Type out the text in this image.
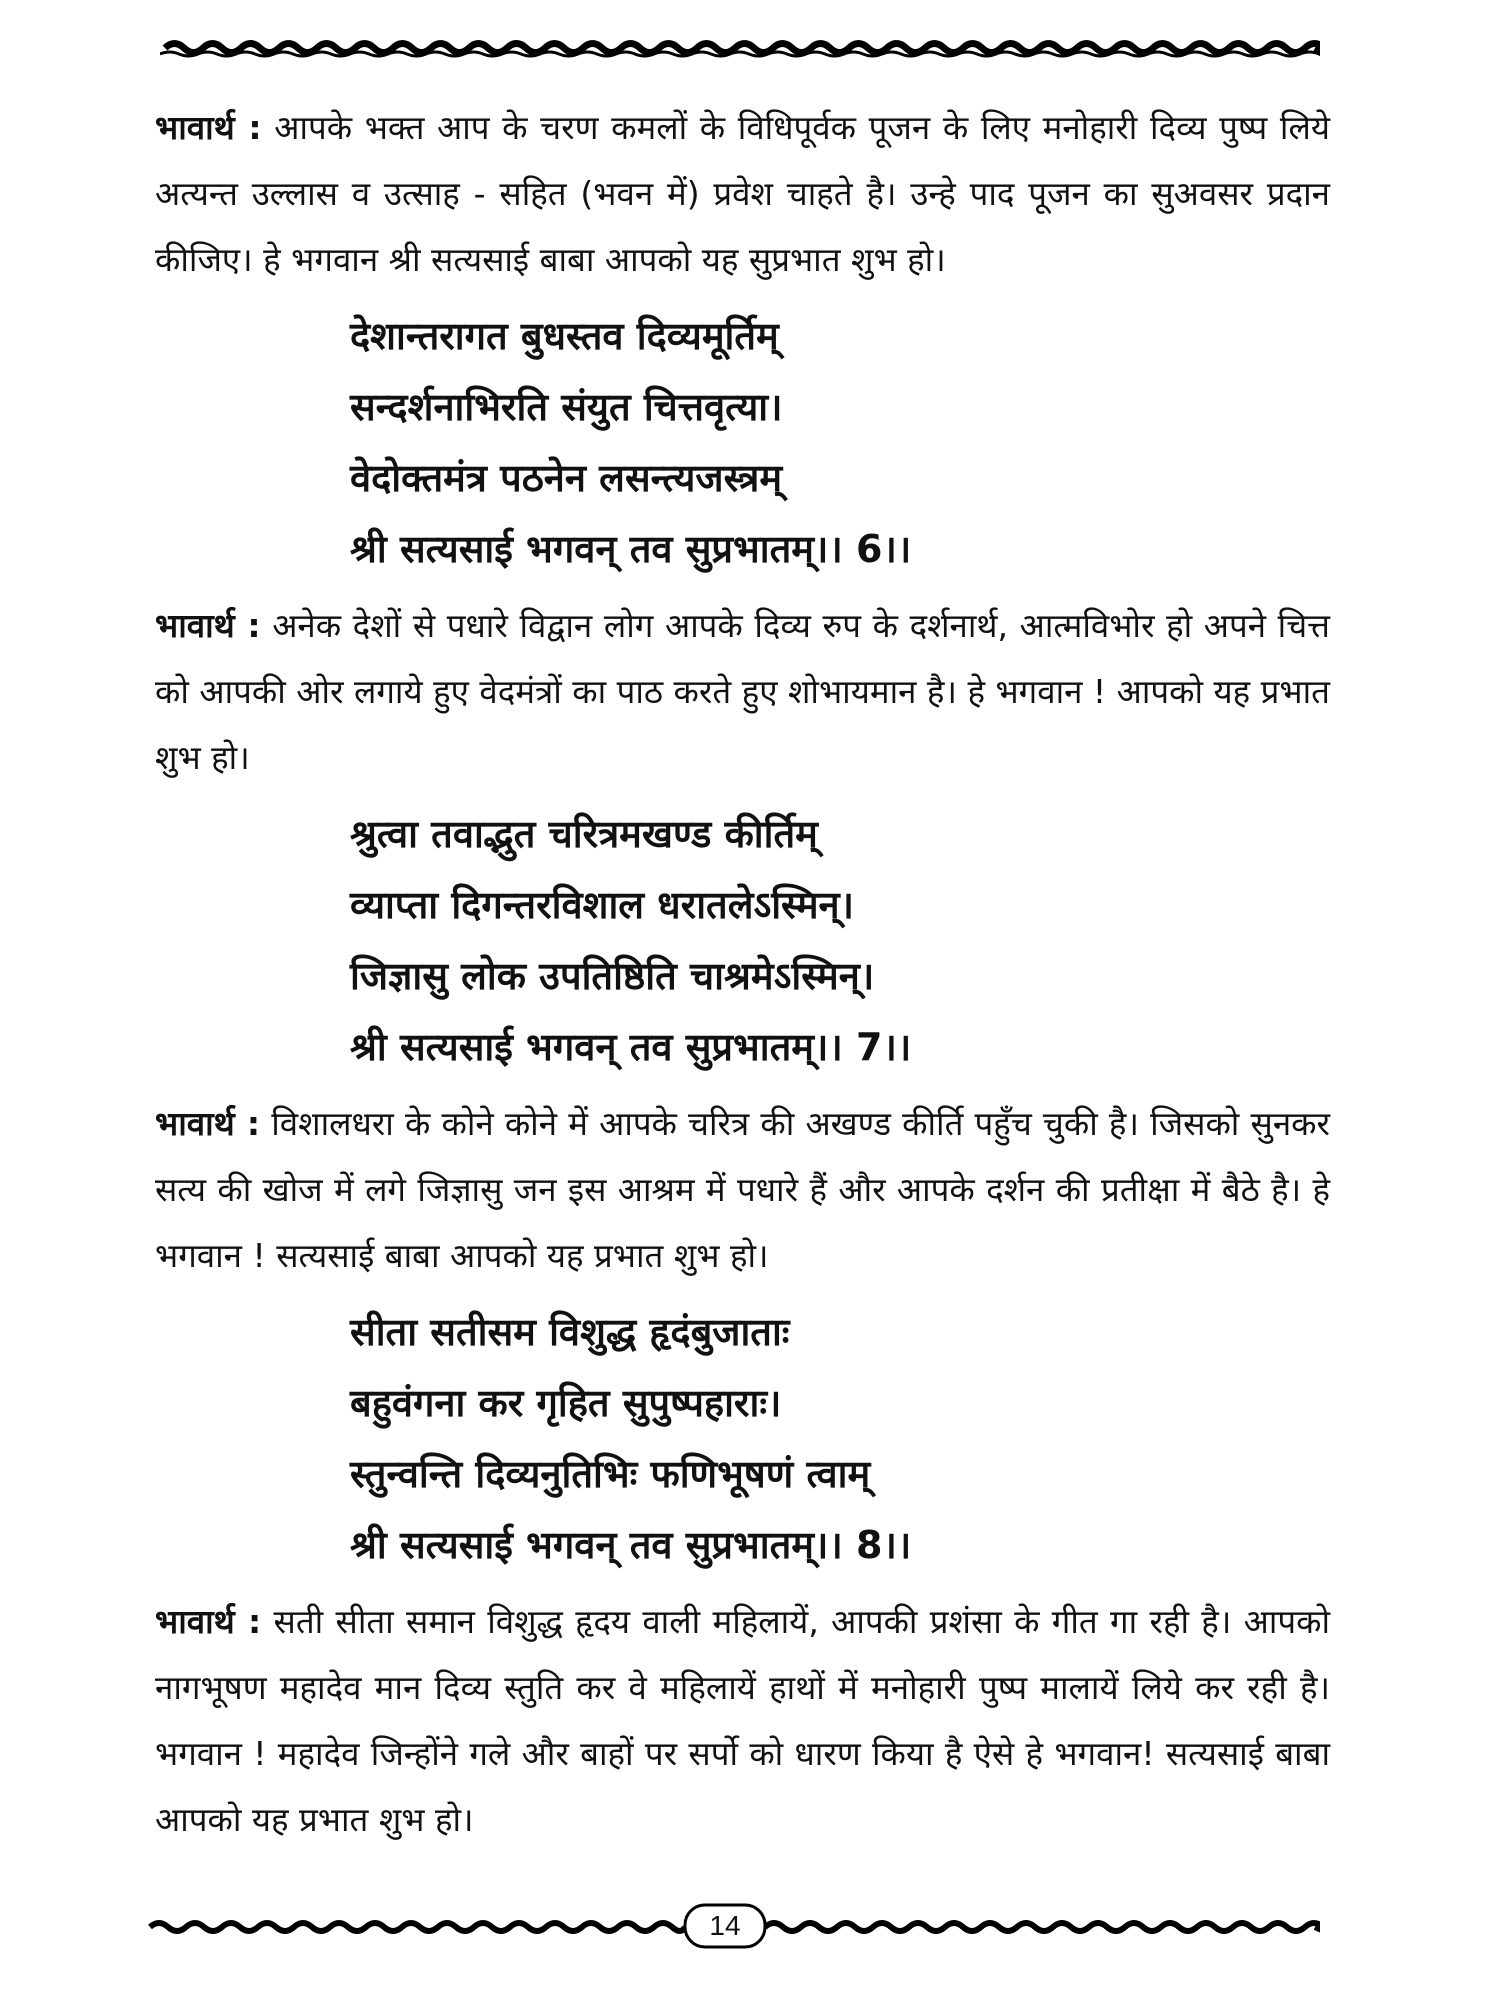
भावार्थ : आपके भक्त आप के चरण कमलों के विधिपूर्वक पूजन के लिए मनोहारी दिव्य पुष्प लिये अत्यन्त उल्लास व उत्साह - सहित (भवन में) प्रवेश चाहते है। उन्हे पाद पूजन का सुअवसर प्रदान कीजिए। हे भगवान श्री सत्यसाई बाबा आपको यह सुप्रभात शुभ हो।
देशान्तरागत बुधस्तव दिव्यमूर्तिम्
सन्दर्शनाभिरति संयुत चित्तवृत्या।
वेदोक्तमंत्र पठनेन लसन्त्यजस्त्रम्
श्री सत्यसाई भगवन् तव सुप्रभातम्।। 6।।
भावार्थ : अनेक देशों से पधारे विद्वान लोग आपके दिव्य रुप के दर्शनार्थ, आत्मविभोर हो अपने चित्त को आपकी ओर लगाये हुए वेदमंत्रों का पाठ करते हुए शोभायमान है। हे भगवान ! आपको यह प्रभात शुभ हो।
श्रुत्वा तवाद्भुत चरित्रमखण्ड कीर्तिम्
व्याप्ता दिगन्तरविशाल धरातलेऽस्मिन्।
जिज्ञासु लोक उपतिष्ठिति चाश्रमेऽस्मिन्।
श्री सत्यसाई भगवन् तव सुप्रभातम्।। 7।।
भावार्थ : विशालधरा के कोने कोने में आपके चरित्र की अखण्ड कीर्ति पहुँच चुकी है। जिसको सुनकर सत्य की खोज में लगे जिज्ञासु जन इस आश्रम में पधारे हैं और आपके दर्शन की प्रतीक्षा में बैठे है। हे भगवान ! सत्यसाई बाबा आपको यह प्रभात शुभ हो।
सीता सतीसम विशुद्ध हृदंबुजाताः
बहुवंगना कर गृहित सुपुष्पहाराः।
स्तुन्वन्ति दिव्यनुतिभिः फणिभूषणं त्वाम्
श्री सत्यसाई भगवन् तव सुप्रभातम्।। 8।।
भावार्थ : सती सीता समान विशुद्ध हृदय वाली महिलायें, आपकी प्रशंसा के गीत गा रही है। आपको नागभूषण महादेव मान दिव्य स्तुति कर वे महिलायें हाथों में मनोहारी पुष्प मालायें लिये कर रही है। भगवान ! महादेव जिन्होंने गले और बाहों पर सर्पो को धारण किया है ऐसे हे भगवान! सत्यसाई बाबा आपको यह प्रभात शुभ हो।
14
